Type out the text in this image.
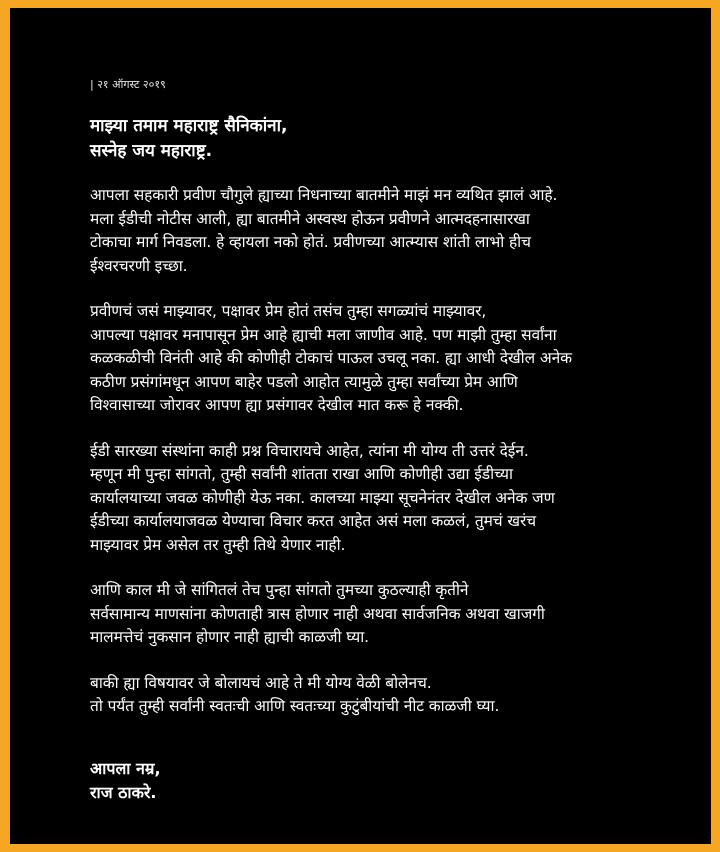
| २१ ऑगस्ट २०१९
माझ्या तमाम महाराष्ट्र सैनिकांना,
सस्नेह जय महाराष्ट्र.
आपला सहकारी प्रवीण चौगुले ह्याच्या निधनाच्या बातमीने माझं मन व्यथित झालं आहे.
मला ईडीची नोटीस आली, ह्या बातमीने अस्वस्थ होऊन प्रवीणने आत्मदहनासारखा
टोकाचा मार्ग निवडला. हे व्हायला नको होतं. प्रवीणच्या आत्म्यास शांती लाभो हीच
ईश्वरचरणी इच्छा.
प्रवीणचं जसं माझ्यावर, पक्षावर प्रेम होतं तसंच तुम्हा सगळ्यांचं माझ्यावर,
आपल्या पक्षावर मनापासून प्रेम आहे ह्याची मला जाणीव आहे. पण माझी तुम्हा सर्वांना
कळकळीची विनंती आहे की कोणीही टोकाचं पाऊल उचलू नका. ह्या आधी देखील अनेक
कठीण प्रसंगांमधून आपण बाहेर पडलो आहोत त्यामुळे तुम्हा सर्वांच्या प्रेम आणि
विश्वासाच्या जोरावर आपण ह्या प्रसंगावर देखील मात करू हे नक्की.
ईडी सारख्या संस्थांना काही प्रश्न विचारायचे आहेत, त्यांना मी योग्य ती उत्तरं देईन.
म्हणून मी पुन्हा सांगतो, तुम्ही सर्वांनी शांतता राखा आणि कोणीही उद्या ईडीच्या
कार्यालयाच्या जवळ कोणीही येऊ नका. कालच्या माझ्या सूचनेनंतर देखील अनेक जण
ईडीच्या कार्यालयाजवळ येण्याचा विचार करत आहेत असं मला कळलं, तुमचं खरंच
माझ्यावर प्रेम असेल तर तुम्ही तिथे येणार नाही.
आणि काल मी जे सांगितलं तेच पुन्हा सांगतो तुमच्या कुठल्याही कृतीने
सर्वसामान्य माणसांना कोणताही त्रास होणार नाही अथवा सार्वजनिक अथवा खाजगी
मालमत्तेचं नुकसान होणार नाही ह्याची काळजी घ्या.
बाकी ह्या विषयावर जे बोलायचं आहे ते मी योग्य वेळी बोलेनच.
तो पर्यंत तुम्ही सर्वांनी स्वतःची आणि स्वतःच्या कुटुंबीयांची नीट काळजी घ्या.
आपला नम्र,
राज ठाकरे.
